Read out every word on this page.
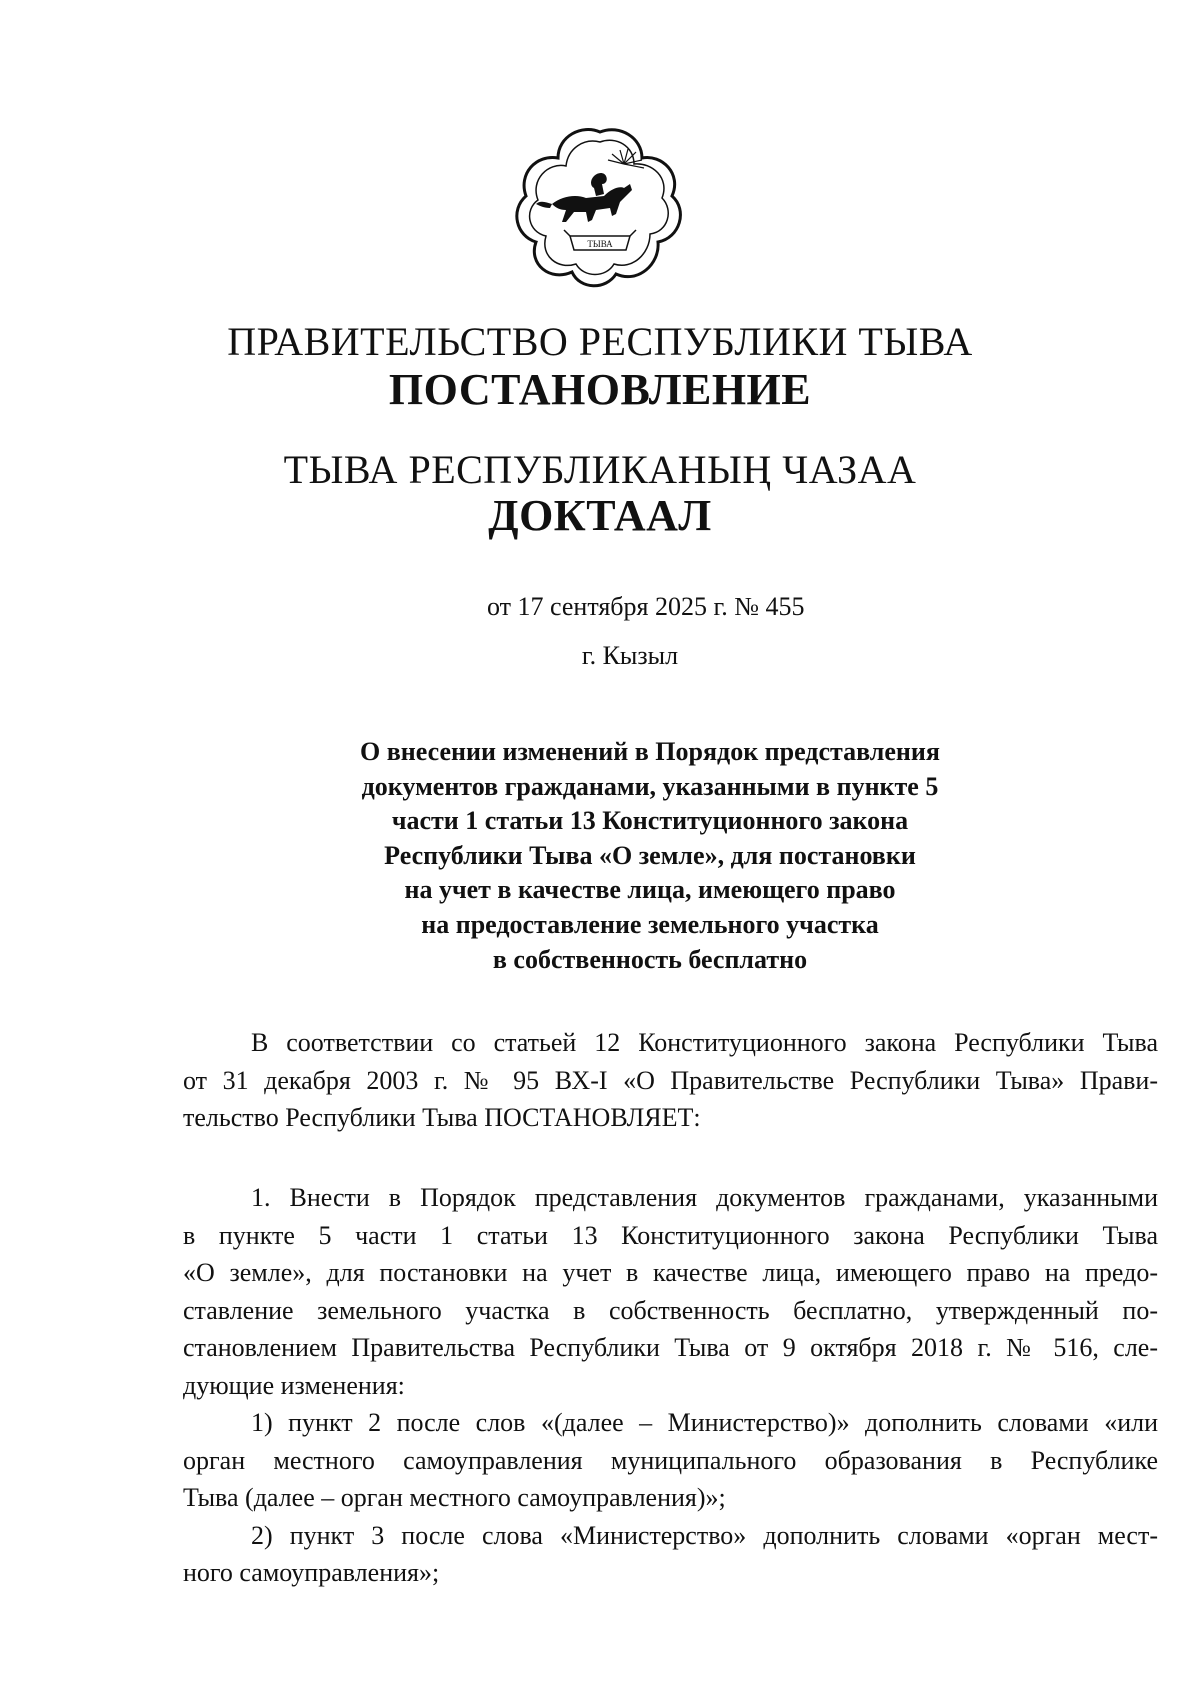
ТЫВА
ПРАВИТЕЛЬСТВО РЕСПУБЛИКИ ТЫВА
ПОСТАНОВЛЕНИЕ
ТЫВА РЕСПУБЛИКАНЫҢ ЧАЗАА
ДОКТААЛ
от 17 сентября 2025 г. № 455
г. Кызыл
О внесении изменений в Порядок представления
документов гражданами, указанными в пункте 5
части 1 статьи 13 Конституционного закона
Республики Тыва «О земле», для постановки
на учет в качестве лица, имеющего право
на предоставление земельного участка
в собственность бесплатно
В соответствии со статьей 12 Конституционного закона Республики Тыва
от 31 декабря 2003 г. № 95 ВХ-I «О Правительстве Республики Тыва» Прави-
тельство Республики Тыва ПОСТАНОВЛЯЕТ:
1. Внести в Порядок представления документов гражданами, указанными
в пункте 5 части 1 статьи 13 Конституционного закона Республики Тыва
«О земле», для постановки на учет в качестве лица, имеющего право на предо-
ставление земельного участка в собственность бесплатно, утвержденный по-
становлением Правительства Республики Тыва от 9 октября 2018 г. № 516, сле-
дующие изменения:
1) пункт 2 после слов «(далее – Министерство)» дополнить словами «или
орган местного самоуправления муниципального образования в Республике
Тыва (далее – орган местного самоуправления)»;
2) пункт 3 после слова «Министерство» дополнить словами «орган мест-
ного самоуправления»;
